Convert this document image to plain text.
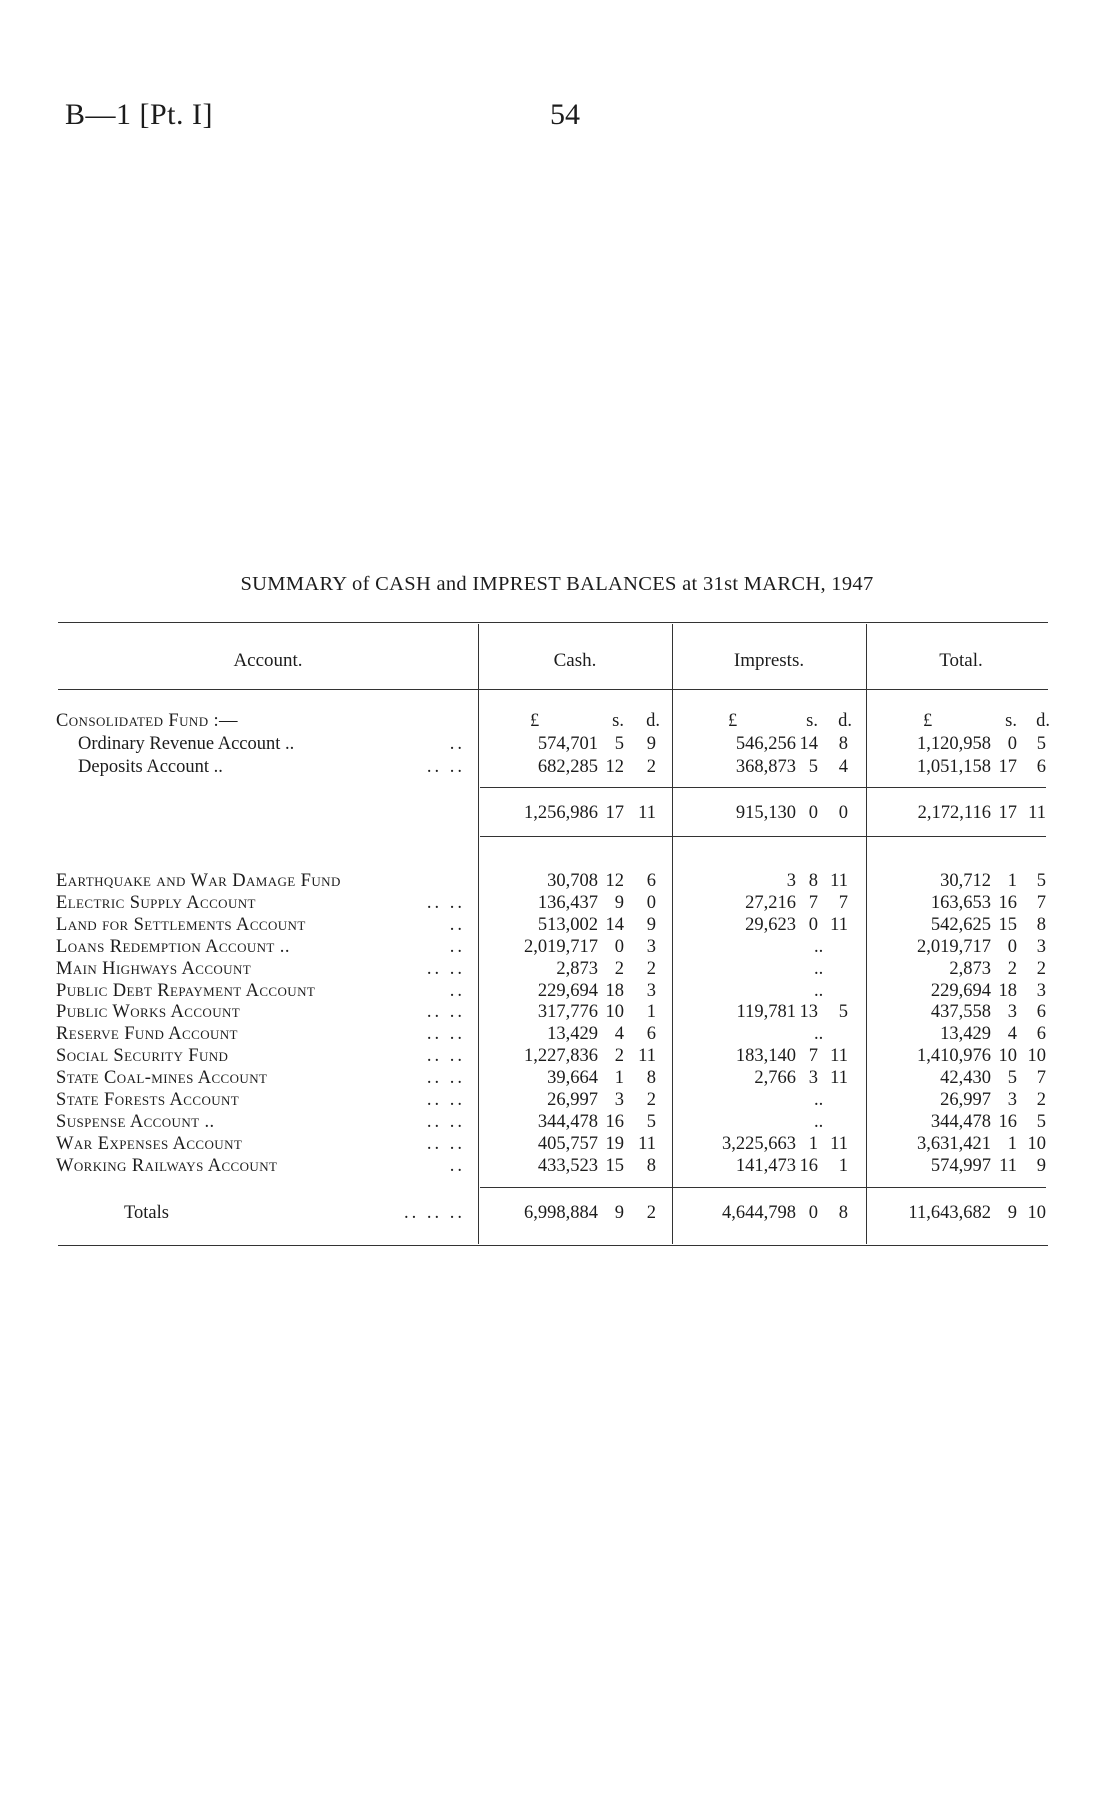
B—1 [Pt. I]	54
SUMMARY of CASH and IMPREST BALANCES at 31st MARCH, 1947
Account.	Cash.	Imprests.	Total.
Consolidated Fund :—	£	s. d.	£	s. d.	£	s. d.
Ordinary Revenue Account ..	..	574,701 5 9	546,256 14 8	1,120,958 0 5
Deposits Account ..	.. ..	682,285 12 2	368,873 5 4	1,051,158 17 6
1,256,986 17 11	915,130 0 0	2,172,116 17 11
Earthquake and War Damage Fund	30,708 12 6	3 8 11	30,712 1 5
Electric Supply Account	.. ..	136,437 9 0	27,216 7 7	163,653 16 7
Land for Settlements Account	..	513,002 14 9	29,623 0 11	542,625 15 8
Loans Redemption Account ..	..	2,019,717 0 3	..	2,019,717 0 3
Main Highways Account	.. ..	2,873 2 2	..	2,873 2 2
Public Debt Repayment Account	..	229,694 18 3	..	229,694 18 3
Public Works Account	.. ..	317,776 10 1	119,781 13 5	437,558 3 6
Reserve Fund Account	.. ..	13,429 4 6	..	13,429 4 6
Social Security Fund	.. ..	1,227,836 2 11	183,140 7 11	1,410,976 10 10
State Coal-mines Account	.. ..	39,664 1 8	2,766 3 11	42,430 5 7
State Forests Account	.. ..	26,997 3 2	..	26,997 3 2
Suspense Account ..	.. ..	344,478 16 5	..	344,478 16 5
War Expenses Account	.. ..	405,757 19 11	3,225,663 1 11	3,631,421 1 10
Working Railways Account	..	433,523 15 8	141,473 16 1	574,997 11 9
Totals	.. .. ..	6,998,884 9 2	4,644,798 0 8	11,643,682 9 10
